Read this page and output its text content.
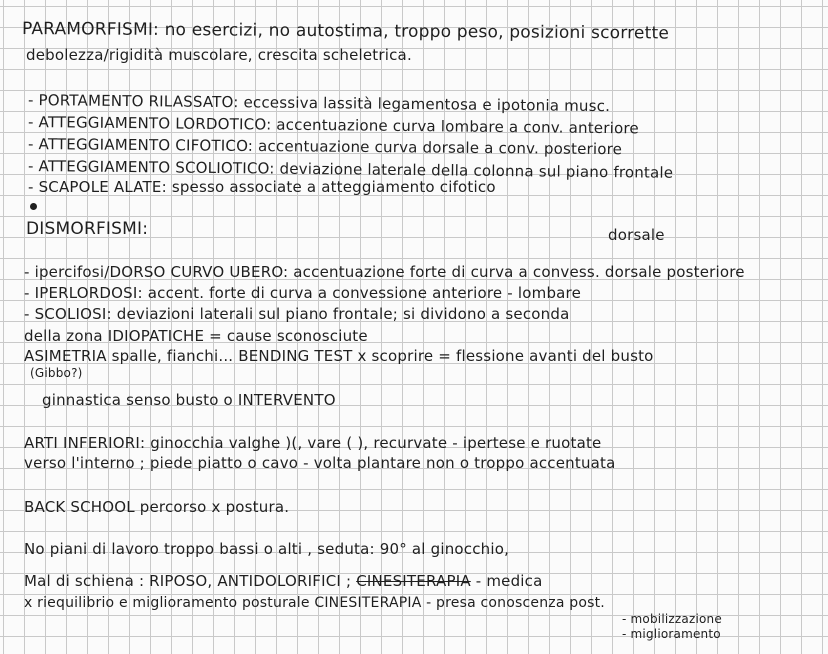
PARAMORFISMI: no esercizi, no autostima, troppo peso, posizioni scorrette
debolezza/rigidità muscolare, crescita scheletrica.
- PORTAMENTO RILASSATO: eccessiva lassità legamentosa e ipotonia musc.
- ATTEGGIAMENTO LORDOTICO: accentuazione curva lombare a conv. anteriore
- ATTEGGIAMENTO CIFOTICO: accentuazione curva dorsale a conv. posteriore
- ATTEGGIAMENTO SCOLIOTICO: deviazione laterale della colonna sul piano frontale
- SCAPOLE ALATE: spesso associate a atteggiamento cifotico
DISMORFISMI:	dorsale
- ipercifosi/DORSO CURVO UBERO: accentuazione forte di curva a convess. dorsale posteriore
- IPERLORDOSI: accent. forte di curva a convessione anteriore - lombare
- SCOLIOSI: deviazioni laterali sul piano frontale; si dividono a seconda
della zona IDIOPATICHE = cause sconosciute
ASIMETRIA spalle, fianchi... BENDING TEST x scoprire = flessione avanti del busto
(Gibbo?)
ginnastica senso busto o INTERVENTO
ARTI INFERIORI: ginocchia valghe )(, vare ( ), recurvate - ipertese e ruotate
verso l'interno ; piede piatto o cavo - volta plantare non o troppo accentuata
BACK SCHOOL percorso x postura.
No piani di lavoro troppo bassi o alti , seduta: 90° al ginocchio,
Mal di schiena : RIPOSO, ANTIDOLORIFICI ; CINESITERAPIA - medica
x riequilibrio e miglioramento posturale CINESITERAPIA - presa conoscenza post.
- mobilizzazione
- miglioramento
